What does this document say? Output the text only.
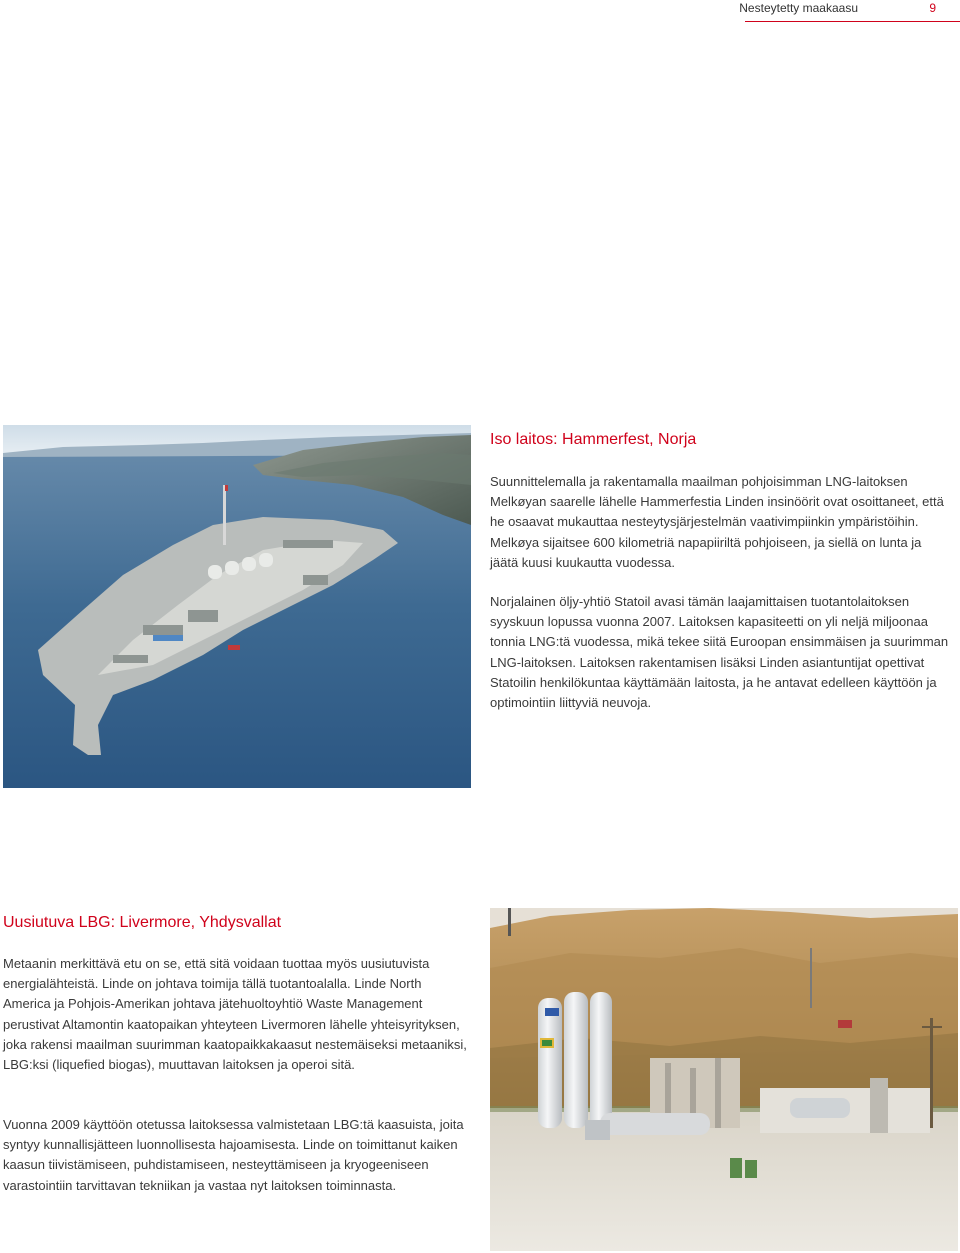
Nesteytetty maakaasu	9
Iso laitos: Hammerfest, Norja

Suunnittelemalla ja rakentamalla maailman pohjoisimman LNG-laitoksen Melkøyan saarelle lähelle Hammerfestia Linden insinöörit ovat osoittaneet, että he osaavat mukauttaa nesteytysjärjestelmän vaativimpiinkin ympäristöihin. Melkøya sijaitsee 600 kilometriä napapiiriltä pohjoiseen, ja siellä on lunta ja jäätä kuusi kuukautta vuodessa.

Norjalainen öljy-yhtiö Statoil avasi tämän laajamittaisen tuotantolaitoksen syyskuun lopussa vuonna 2007. Laitoksen kapasiteetti on yli neljä miljoonaa tonnia LNG:tä vuodessa, mikä tekee siitä Euroopan ensimmäisen ja suurimman LNG-laitoksen. Laitoksen rakentamisen lisäksi Linden asiantuntijat opettivat Statoilin henkilökuntaa käyttämään laitosta, ja he antavat edelleen käyttöön ja optimointiin liittyviä neuvoja.

Uusiutuva LBG: Livermore, Yhdysvallat

Metaanin merkittävä etu on se, että sitä voidaan tuottaa myös uusiutuvista energialähteistä. Linde on johtava toimija tällä tuotantoalalla. Linde North America ja Pohjois-Amerikan johtava jätehuoltoyhtiö Waste Management perustivat Altamontin kaatopaikan yhteyteen Livermoren lähelle yhteisyrityksen, joka rakensi maailman suurimman kaatopaikkakaasut nestemäiseksi metaaniksi, LBG:ksi (liquefied biogas), muuttavan laitoksen ja operoi sitä.

Vuonna 2009 käyttöön otetussa laitoksessa valmistetaan LBG:tä kaasuista, joita syntyy kunnallisjätteen luonnollisesta hajoamisesta. Linde on toimittanut kaiken kaasun tiivistämiseen, puhdistamiseen, nesteyttämiseen ja kryogeeniseen varastointiin tarvittavan tekniikan ja vastaa nyt laitoksen toiminnasta.
